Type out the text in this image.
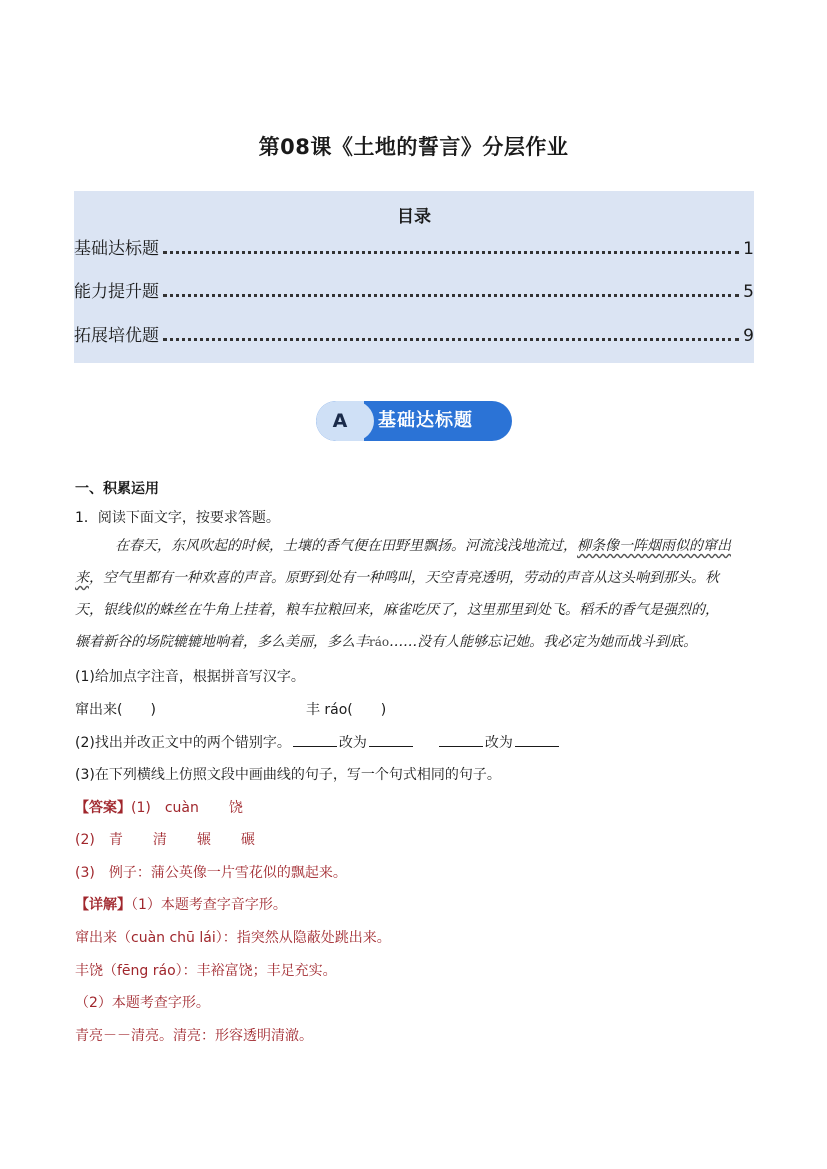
第08课《土地的誓言》分层作业
目录
基础达标题	1
能力提升题	5
拓展培优题	9
A	基础达标题
一、积累运用
1．阅读下面文字，按要求答题。
在春天，东风吹起的时候，土壤的香气便在田野里飘扬。河流浅浅地流过，柳条像一阵烟雨似的窜出
来，空气里都有一种欢喜的声音。原野到处有一种鸣叫，天空青亮透明，劳动的声音从这头响到那头。秋
天，银线似的蛛丝在牛角上挂着，粮车拉粮回来，麻雀吃厌了，这里那里到处飞。稻禾的香气是强烈的，
辗着新谷的场院辘辘地响着，多么美丽，多么丰ráo……没有人能够忘记她。我必定为她而战斗到底。
(1)给加点字注音，根据拼音写汉字。
窜出来(　　)	丰 ráo(　　)
(2)找出并改正文中的两个错别字。	改为	改为
(3)在下列横线上仿照文段中画曲线的句子，写一个句式相同的句子。
【答案】(1) cuàn 饶
(2) 青 清 辗 碾
(3)　例子：蒲公英像一片雪花似的飘起来。
【详解】（1）本题考查字音字形。
窜出来（cuàn chū lái）：指突然从隐蔽处跳出来。
丰饶（fēng ráo）：丰裕富饶；丰足充实。
（2）本题考查字形。
青亮－－清亮。清亮：形容透明清澈。
